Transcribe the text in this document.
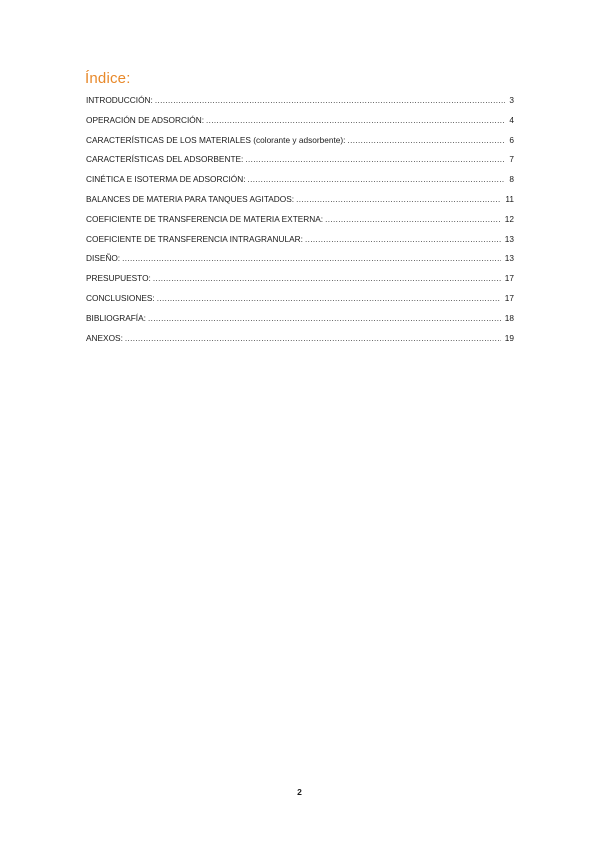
Índice:
INTRODUCCIÓN: .....	3
OPERACIÓN DE ADSORCIÓN: .....	4
CARACTERÍSTICAS DE LOS MATERIALES (colorante y adsorbente): .....	6
CARACTERÍSTICAS DEL ADSORBENTE: .....	7
CINÉTICA E ISOTERMA DE ADSORCIÓN: .....	8
BALANCES DE MATERIA PARA TANQUES AGITADOS: .....	11
COEFICIENTE DE TRANSFERENCIA DE MATERIA EXTERNA: .....	12
COEFICIENTE DE TRANSFERENCIA INTRAGRANULAR: .....	13
DISEÑO: .....	13
PRESUPUESTO: .....	17
CONCLUSIONES: .....	17
BIBLIOGRAFÍA: .....	18
ANEXOS: .....	19
2
